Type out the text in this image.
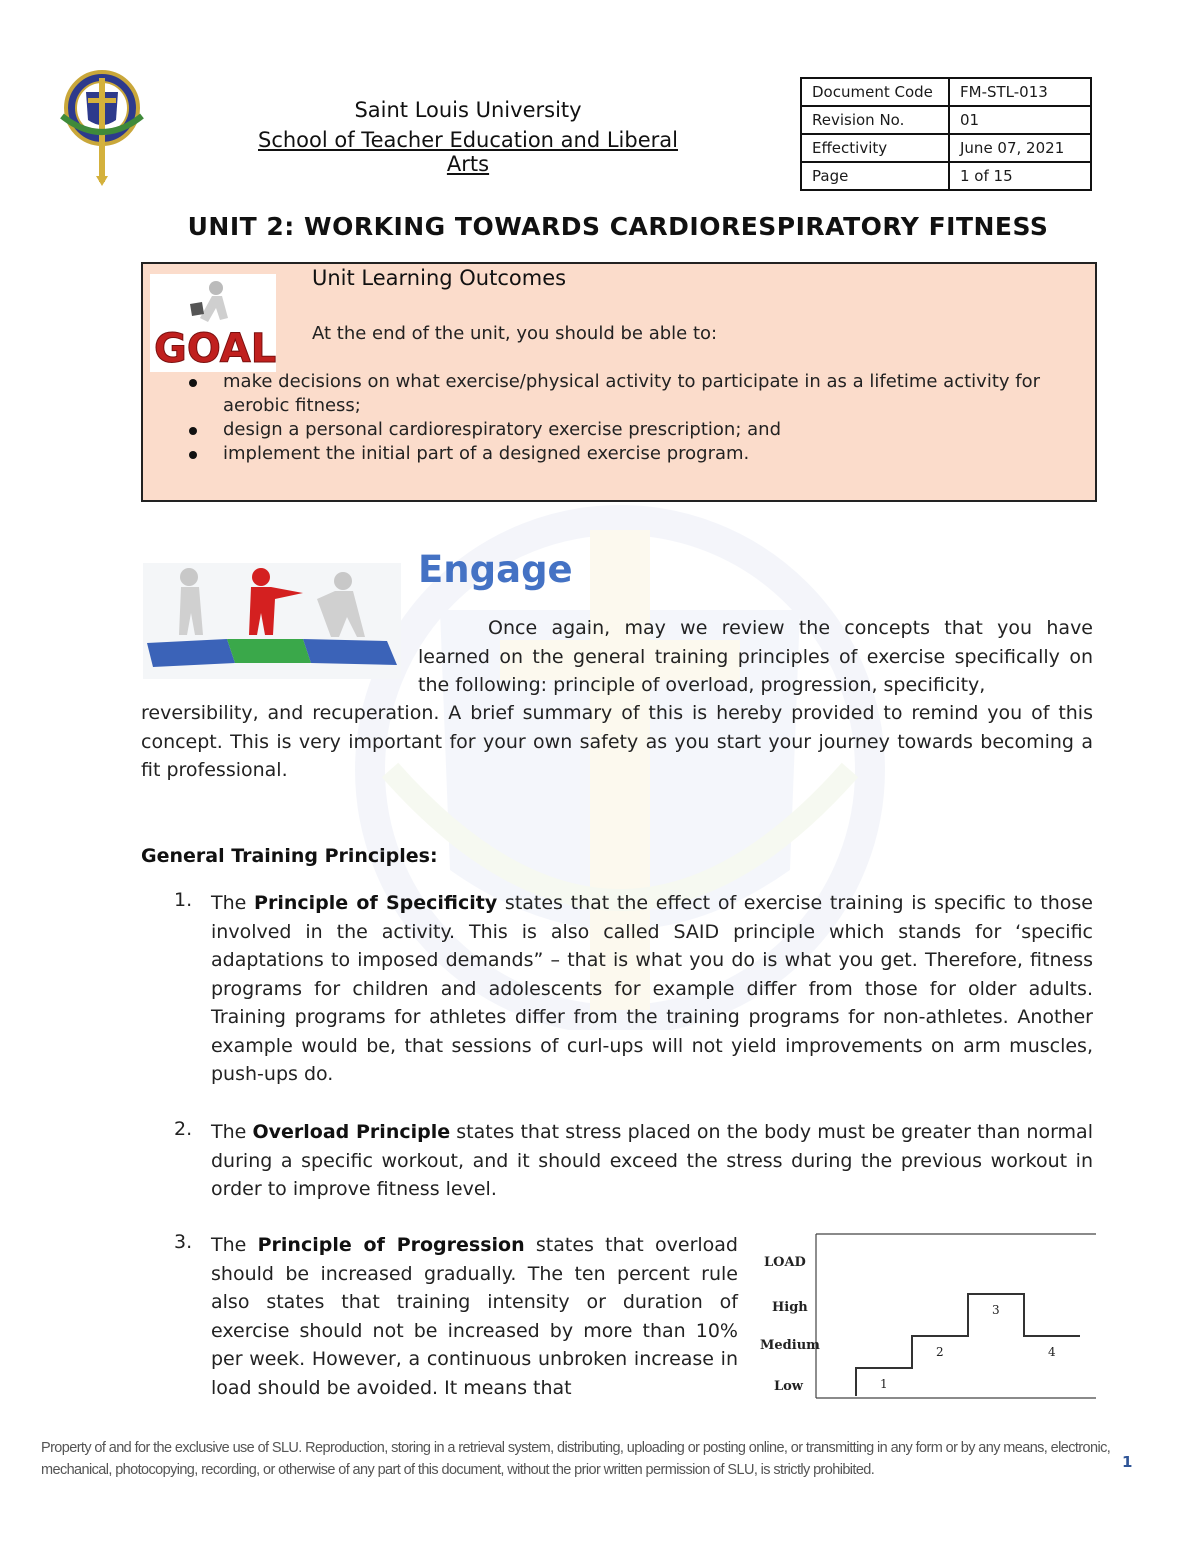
Saint Louis University
School of Teacher Education and Liberal Arts
Document Code	FM-STL-013
Revision No.	01
Effectivity	June 07, 2021
Page	1 of 15
UNIT 2: WORKING TOWARDS CARDIORESPIRATORY FITNESS
GOAL
Unit Learning Outcomes
At the end of the unit, you should be able to:
make decisions on what exercise/physical activity to participate in as a lifetime activity for aerobic fitness;
design a personal cardiorespiratory exercise prescription; and
implement the initial part of a designed exercise program.
Engage
Once again, may we review the concepts that you have learned on the general training principles of exercise specifically on the following: principle of overload, progression, specificity,
reversibility, and recuperation. A brief summary of this is hereby provided to remind you of this concept. This is very important for your own safety as you start your journey towards becoming a fit professional.
General Training Principles:
1. The Principle of Specificity states that the effect of exercise training is specific to those involved in the activity. This is also called SAID principle which stands for ‘specific adaptations to imposed demands” – that is what you do is what you get. Therefore, fitness programs for children and adolescents for example differ from those for older adults. Training programs for athletes differ from the training programs for non-athletes. Another example would be, that sessions of curl-ups will not yield improvements on arm muscles, push-ups do.
2. The Overload Principle states that stress placed on the body must be greater than normal during a specific workout, and it should exceed the stress during the previous workout in order to improve fitness level.
3. The Principle of Progression states that overload should be increased gradually. The ten percent rule also states that training intensity or duration of exercise should not be increased by more than 10% per week. However, a continuous unbroken increase in load should be avoided. It means that
LOAD
Low
Medium
High
1
2
3
4
Property of and for the exclusive use of SLU. Reproduction, storing in a retrieval system, distributing, uploading or posting online, or transmitting in any form or by any means, electronic, mechanical, photocopying, recording, or otherwise of any part of this document, without the prior written permission of SLU, is strictly prohibited.	1
